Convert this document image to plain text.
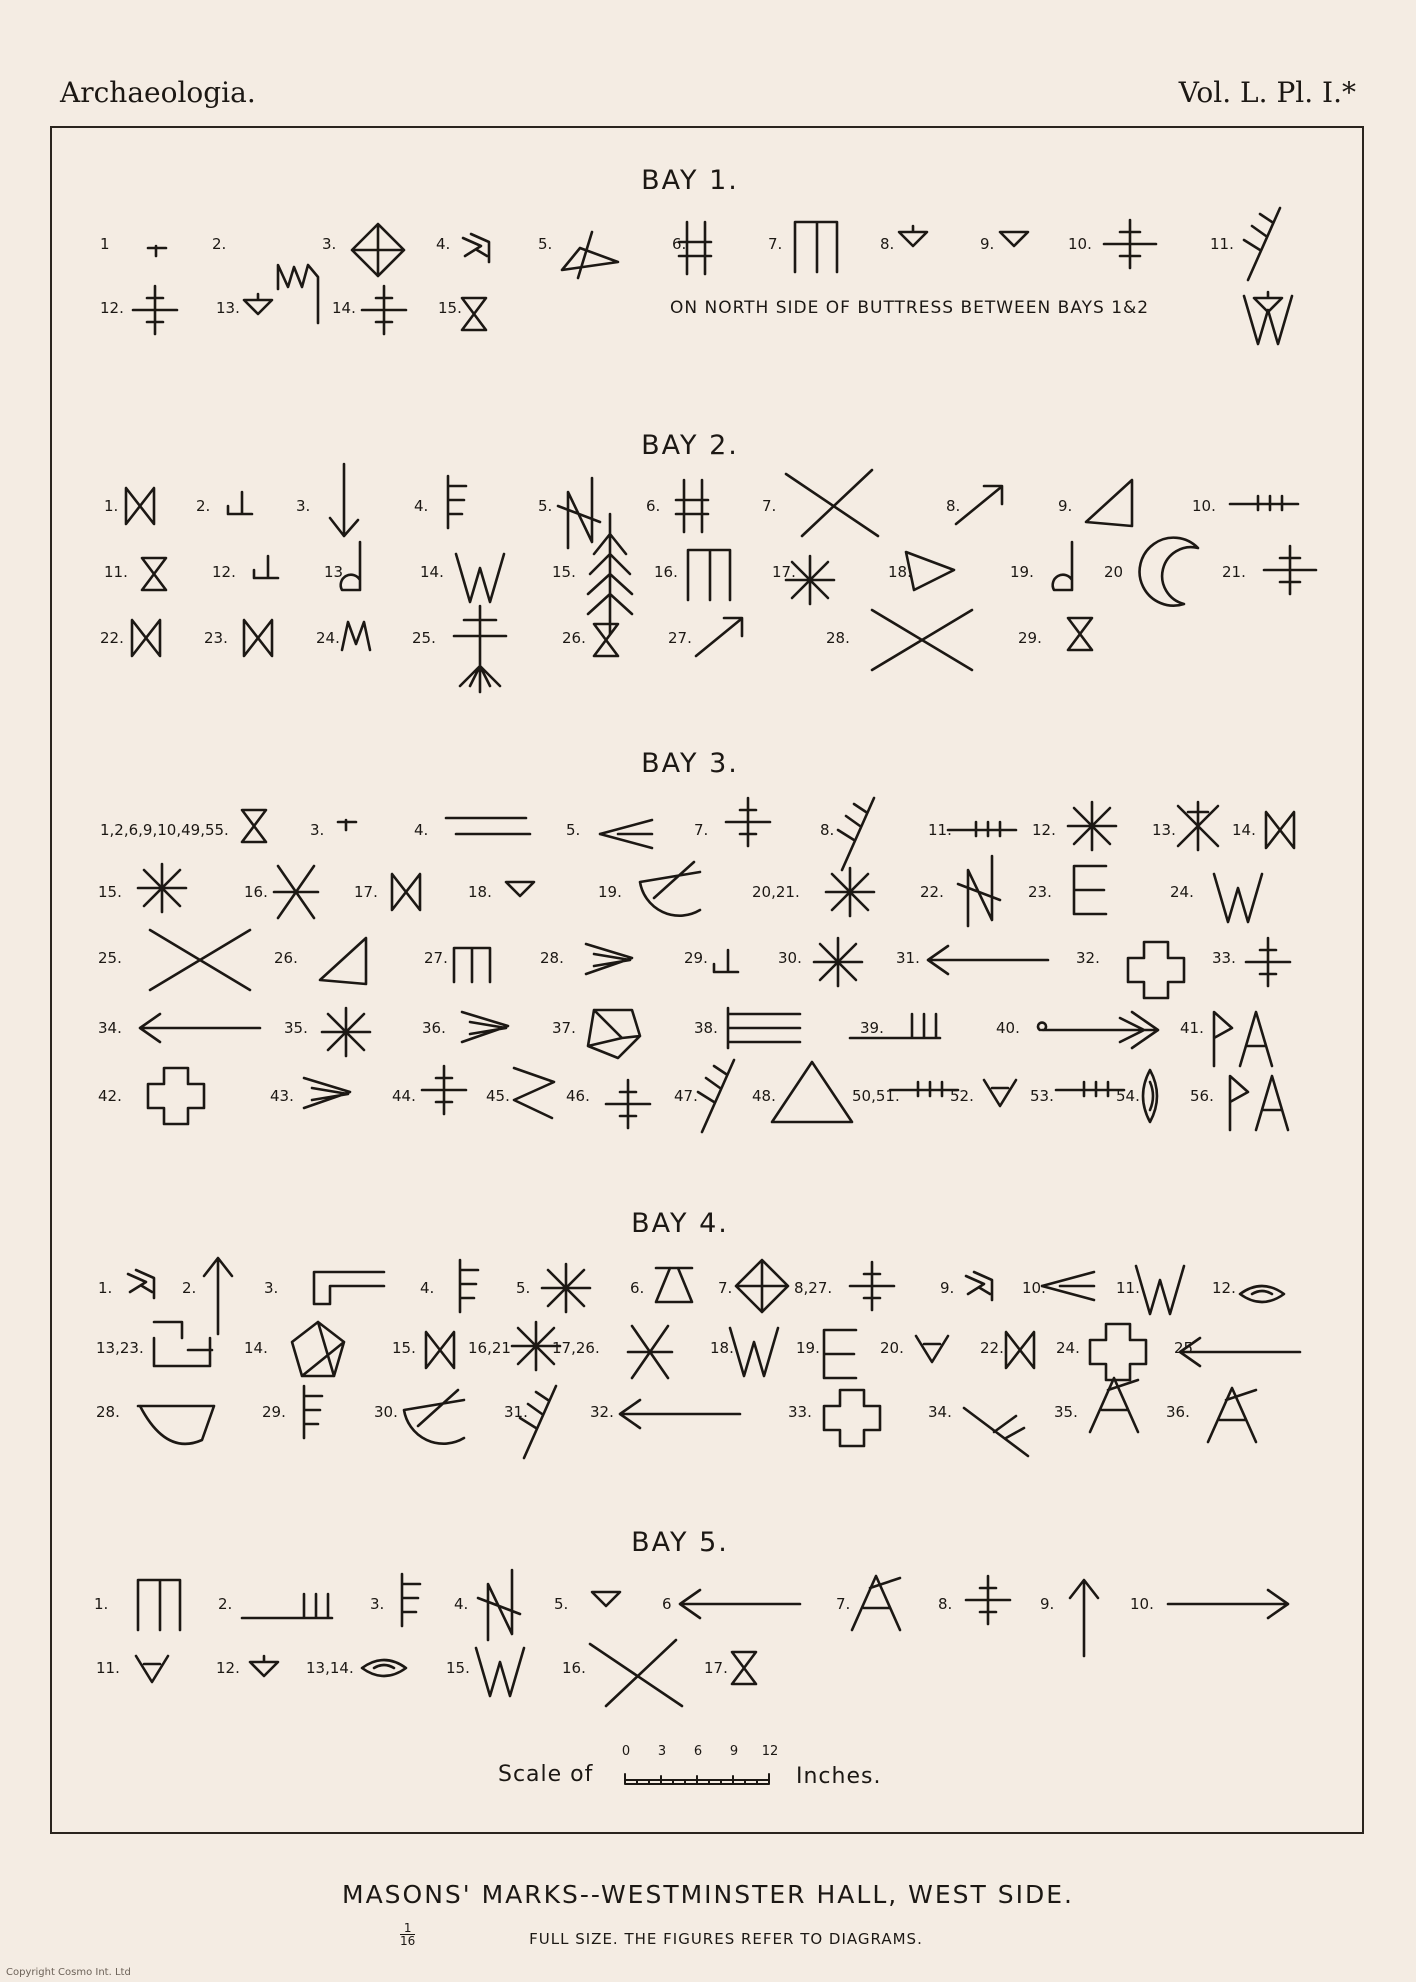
Archaeologia.	Vol. L. Pl. I.*
BAY 1.
BAY 2.
BAY 3.
BAY 4.
BAY 5.
1	2.	3.	4.	5.	6.	7.	8.	9.	10.	11.
12.	13.	14.	15.
1.	2.	3.	4.	5.	6.	7.	8.	9.	10.
11.	12.	13.	14.	15.	16.	17.	18.	19.	20	21.
22.	23.	24.	25.	26.	27.	28.	29.
1,2,6,9,10,49,55.	3.	4.	5.	7.	8.	11.	12.	13.	14.
15.	16.	17.	18.	19.	20,21.	22.	23.	24.
25.	26.	27.	28.	29.	30.	31.	32.	33.
34.	35.	36.	37.	38.	39.	40.	41.
42.	43.	44.	45.	46.	47.	48.	50,51.	52.	53.	54.	56.
1.	2.	3.	4.	5.	6.	7.	8,27.	9.	10.	11.	12.
13,23.	14.	15.	16,21	17,26.	18.	19.	20.	22.	24.	25
28.	29.	30.	31.	32.	33.	34.	35.	36.
1.	2.	3.	4.	5.	6	7.	8.	9.	10.
11.	12.	13,14.	15.	16.	17.
ON NORTH SIDE OF BUTTRESS BETWEEN BAYS 1&2
Scale of
0 3 6 9 12
Inches.
MASONS' MARKS--WESTMINSTER HALL, WEST SIDE.
$\frac{1}{16}$	FULL SIZE. THE FIGURES REFER TO DIAGRAMS.
Copyright Cosmo Int. Ltd
